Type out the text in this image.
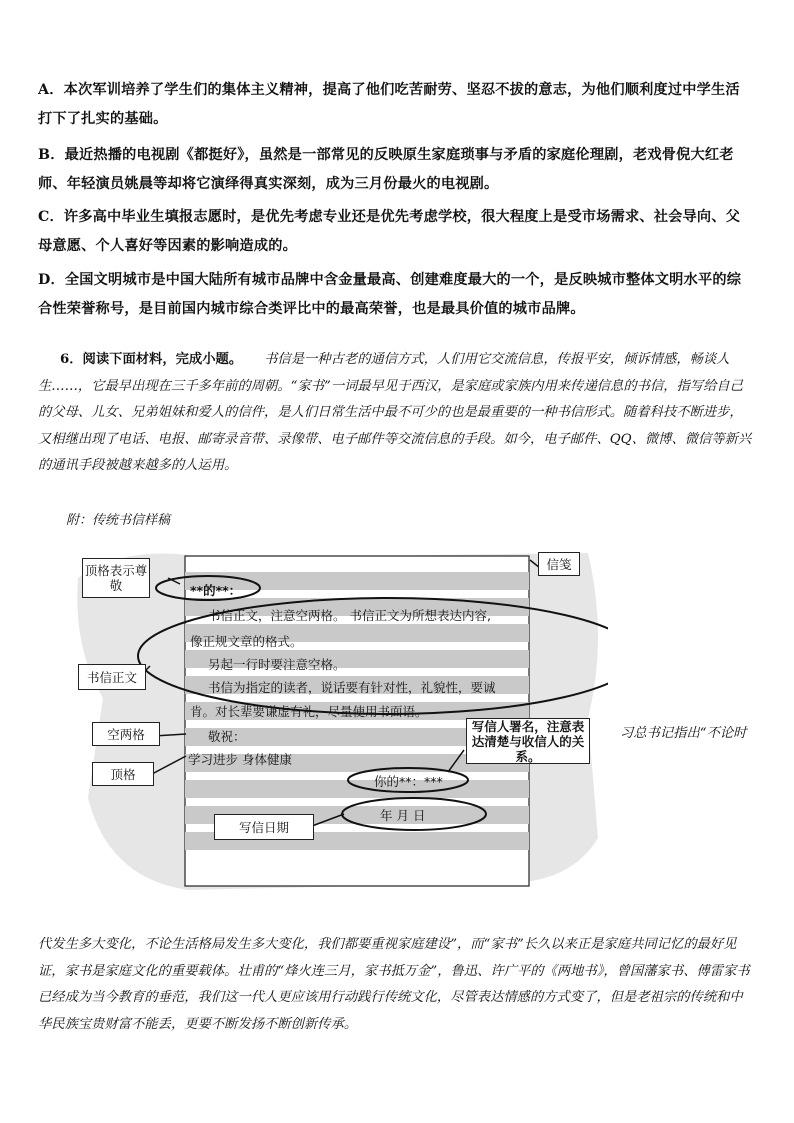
A．本次军训培养了学生们的集体主义精神，提高了他们吃苦耐劳、坚忍不拔的意志，为他们顺利度过中学生活打下了扎实的基础。
B．最近热播的电视剧《都挺好》，虽然是一部常见的反映原生家庭琐事与矛盾的家庭伦理剧，老戏骨倪大红老师、年轻演员姚晨等却将它演绎得真实深刻，成为三月份最火的电视剧。
C．许多高中毕业生填报志愿时，是优先考虑专业还是优先考虑学校，很大程度上是受市场需求、社会导向、父母意愿、个人喜好等因素的影响造成的。
D．全国文明城市是中国大陆所有城市品牌中含金量最高、创建难度最大的一个，是反映城市整体文明水平的综合性荣誉称号，是目前国内城市综合类评比中的最高荣誉，也是最具价值的城市品牌。
6．阅读下面材料，完成小题。 书信是一种古老的通信方式，人们用它交流信息，传报平安，倾诉情感，畅谈人生……，它最早出现在三千多年前的周朝。“家书”一词最早见于西汉，是家庭或家族内用来传递信息的书信，指写给自己的父母、儿女、兄弟姐妹和爱人的信件，是人们日常生活中最不可少的也是最重要的一种书信形式。随着科技不断进步，又相继出现了电话、电报、邮寄录音带、录像带、电子邮件等交流信息的手段。如今，电子邮件、QQ、微博、微信等新兴的通讯手段被越来越多的人运用。
附：传统书信样稿
顶格表示尊敬
信笺
书信正文
空两格
顶格
写信人署名，注意表达清楚与收信人的关系。
写信日期
**的**：
书信正文，注意空两格。 书信正文为所想表达内容,
像正规文章的格式。
另起一行时要注意空格。
书信为指定的读者，说话要有针对性，礼貌性，要诚
肯。对长辈要谦虚有礼，尽量使用书面语。
敬祝：
学习进步 身体健康
你的**：***
年 月 日
习总书记指出“不论时
代发生多大变化，不论生活格局发生多大变化，我们都要重视家庭建设”，而“家书”长久以来正是家庭共同记忆的最好见证，家书是家庭文化的重要载体。壮甫的“烽火连三月，家书抵万金”，鲁迅、许广平的《两地书》，曾国藩家书、傅雷家书已经成为当今教育的垂范，我们这一代人更应该用行动践行传统文化，尽管表达情感的方式变了，但是老祖宗的传统和中华民族宝贵财富不能丢，更要不断发扬不断创新传承。
